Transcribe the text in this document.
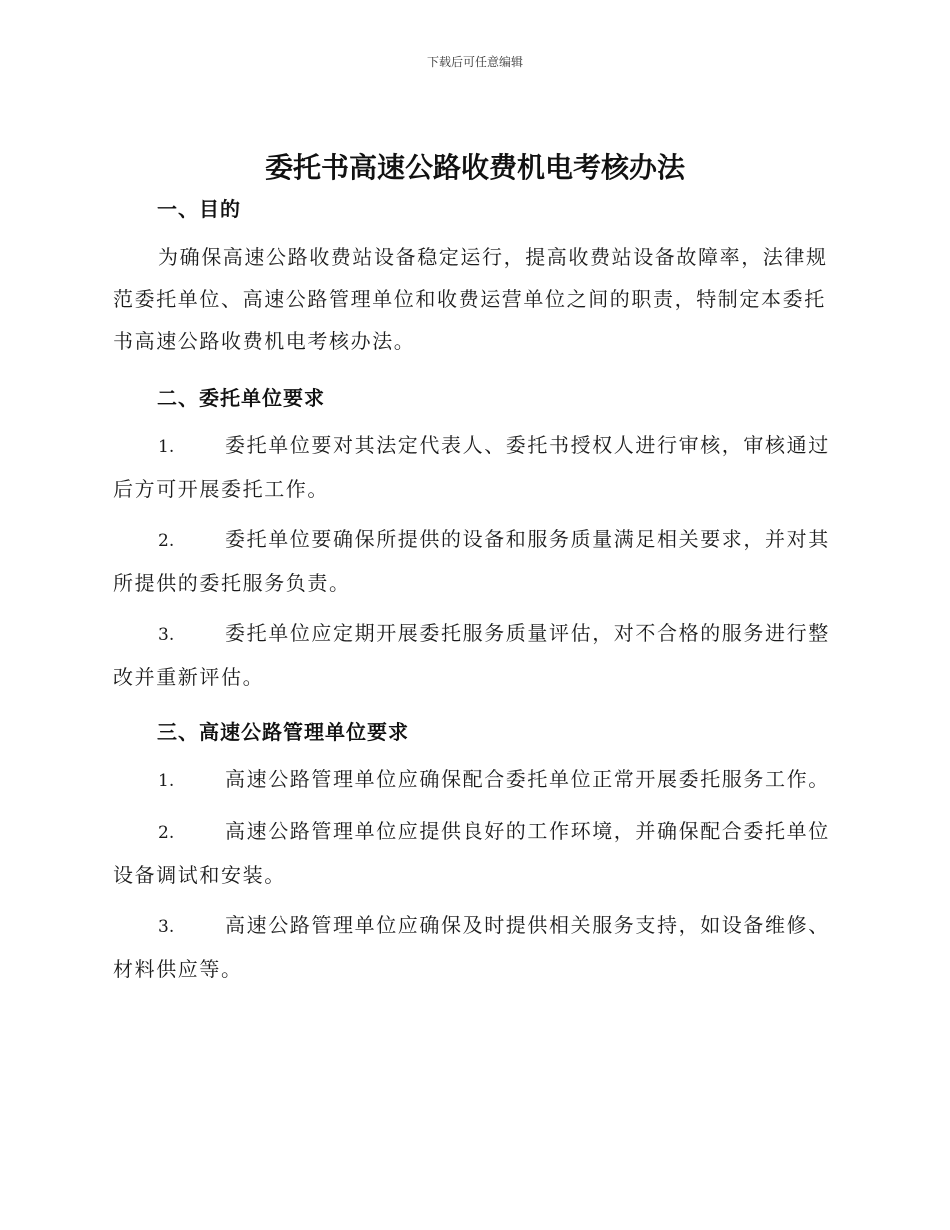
下载后可任意编辑
委托书高速公路收费机电考核办法
一、目的
为确保高速公路收费站设备稳定运行，提高收费站设备故障率，法律规范委托单位、高速公路管理单位和收费运营单位之间的职责，特制定本委托书高速公路收费机电考核办法。
二、委托单位要求
1.	委托单位要对其法定代表人、委托书授权人进行审核，审核通过后方可开展委托工作。
2.	委托单位要确保所提供的设备和服务质量满足相关要求，并对其所提供的委托服务负责。
3.	委托单位应定期开展委托服务质量评估，对不合格的服务进行整改并重新评估。
三、高速公路管理单位要求
1.	高速公路管理单位应确保配合委托单位正常开展委托服务工作。
2.	高速公路管理单位应提供良好的工作环境，并确保配合委托单位设备调试和安装。
3.	高速公路管理单位应确保及时提供相关服务支持，如设备维修、材料供应等。
